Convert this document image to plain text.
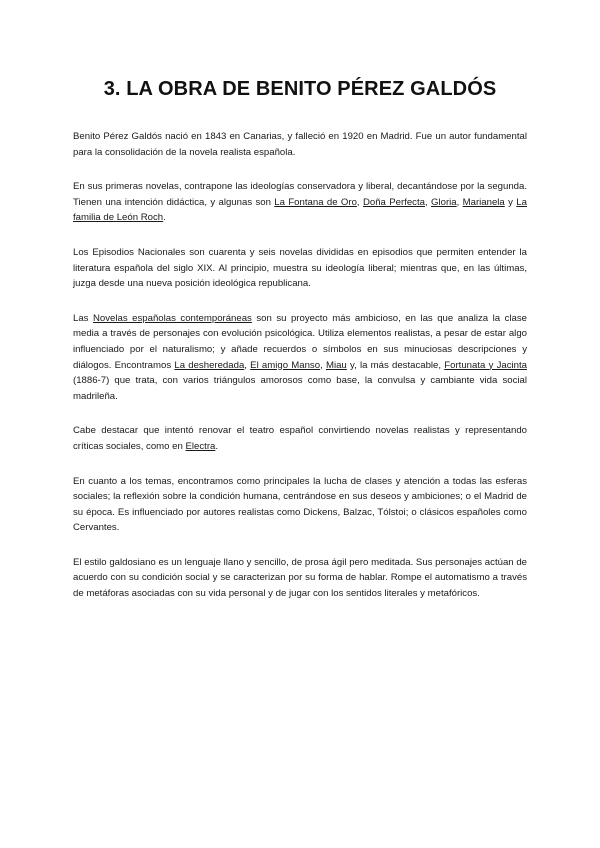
3. LA OBRA DE BENITO PÉREZ GALDÓS

Benito Pérez Galdós nació en 1843 en Canarias, y falleció en 1920 en Madrid. Fue un autor fundamental para la consolidación de la novela realista española.

En sus primeras novelas, contrapone las ideologías conservadora y liberal, decantándose por la segunda. Tienen una intención didáctica, y algunas son La Fontana de Oro, Doña Perfecta, Gloria, Marianela y La familia de León Roch.

Los Episodios Nacionales son cuarenta y seis novelas divididas en episodios que permiten entender la literatura española del siglo XIX. Al principio, muestra su ideología liberal; mientras que, en las últimas, juzga desde una nueva posición ideológica republicana.

Las Novelas españolas contemporáneas son su proyecto más ambicioso, en las que analiza la clase media a través de personajes con evolución psicológica. Utiliza elementos realistas, a pesar de estar algo influenciado por el naturalismo; y añade recuerdos o símbolos en sus minuciosas descripciones y diálogos. Encontramos La desheredada, El amigo Manso, Miau y, la más destacable, Fortunata y Jacinta (1886-7) que trata, con varios triángulos amorosos como base, la convulsa y cambiante vida social madrileña.

Cabe destacar que intentó renovar el teatro español convirtiendo novelas realistas y representando críticas sociales, como en Electra.

En cuanto a los temas, encontramos como principales la lucha de clases y atención a todas las esferas sociales; la reflexión sobre la condición humana, centrándose en sus deseos y ambiciones; o el Madrid de su época. Es influenciado por autores realistas como Dickens, Balzac, Tólstoi; o clásicos españoles como Cervantes.

El estilo galdosiano es un lenguaje llano y sencillo, de prosa ágil pero meditada. Sus personajes actúan de acuerdo con su condición social y se caracterizan por su forma de hablar. Rompe el automatismo a través de metáforas asociadas con su vida personal y de jugar con los sentidos literales y metafóricos.
